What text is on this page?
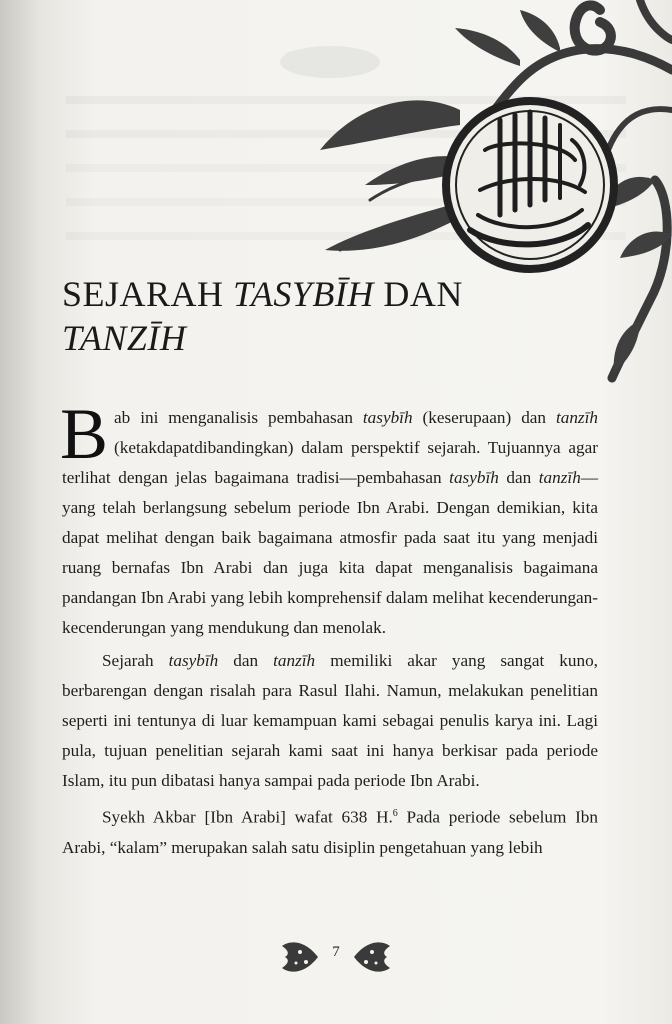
SEJARAH TASYBĪH DAN
TANZĪH

Bab ini menganalisis pembahasan tasybīh (keserupaan) dan tanzīh (ketakdapatdibandingkan) dalam perspektif sejarah. Tujuannya agar terlihat dengan jelas bagaimana tradisi—pembahasan tasybīh dan tanzīh—yang telah berlangsung sebelum periode Ibn Arabi. Dengan demikian, kita dapat melihat dengan baik bagaimana atmosfir pada saat itu yang menjadi ruang bernafas Ibn Arabi dan juga kita dapat menganalisis bagaimana pandangan Ibn Arabi yang lebih komprehensif dalam melihat kecenderungan-kecenderungan yang mendukung dan menolak.

Sejarah tasybīh dan tanzīh memiliki akar yang sangat kuno, berbarengan dengan risalah para Rasul Ilahi. Namun, melakukan penelitian seperti ini tentunya di luar kemampuan kami sebagai penulis karya ini. Lagi pula, tujuan penelitian sejarah kami saat ini hanya berkisar pada periode Islam, itu pun dibatasi hanya sampai pada periode Ibn Arabi.

Syekh Akbar [Ibn Arabi] wafat 638 H.$^6$ Pada periode sebelum Ibn Arabi, “kalam” merupakan salah satu disiplin pengetahuan yang lebih

7
